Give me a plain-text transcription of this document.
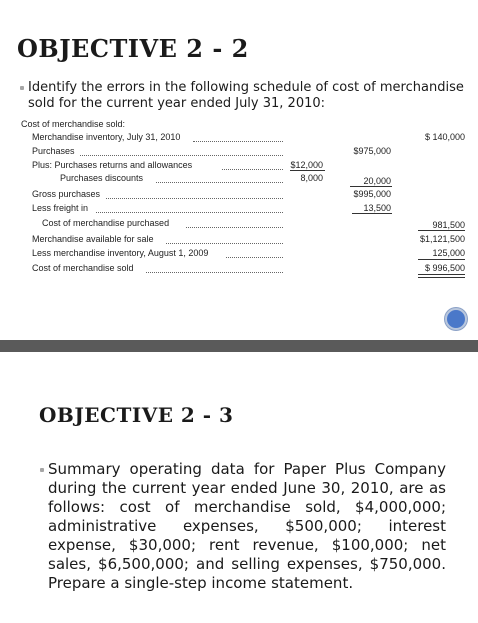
OBJECTIVE 2 - 2
Identify the errors in the following schedule of cost of merchandise sold for the current year ended July 31, 2010:
Cost of merchandise sold:
Merchandise inventory, July 31, 2010	$ 140,000
Purchases	$975,000
Plus: Purchases returns and allowances	$12,000
Purchases discounts	8,000	20,000
Gross purchases	$995,000
Less freight in	13,500
Cost of merchandise purchased	981,500
Merchandise available for sale	$1,121,500
Less merchandise inventory, August 1, 2009	125,000
Cost of merchandise sold	$ 996,500
OBJECTIVE 2 - 3
Summary operating data for Paper Plus Company during the current year ended June 30, 2010, are as follows: cost of merchandise sold, $4,000,000; administrative expenses, $500,000; interest expense, $30,000; rent revenue, $100,000; net sales, $6,500,000; and selling expenses, $750,000. Prepare a single-step income statement.
